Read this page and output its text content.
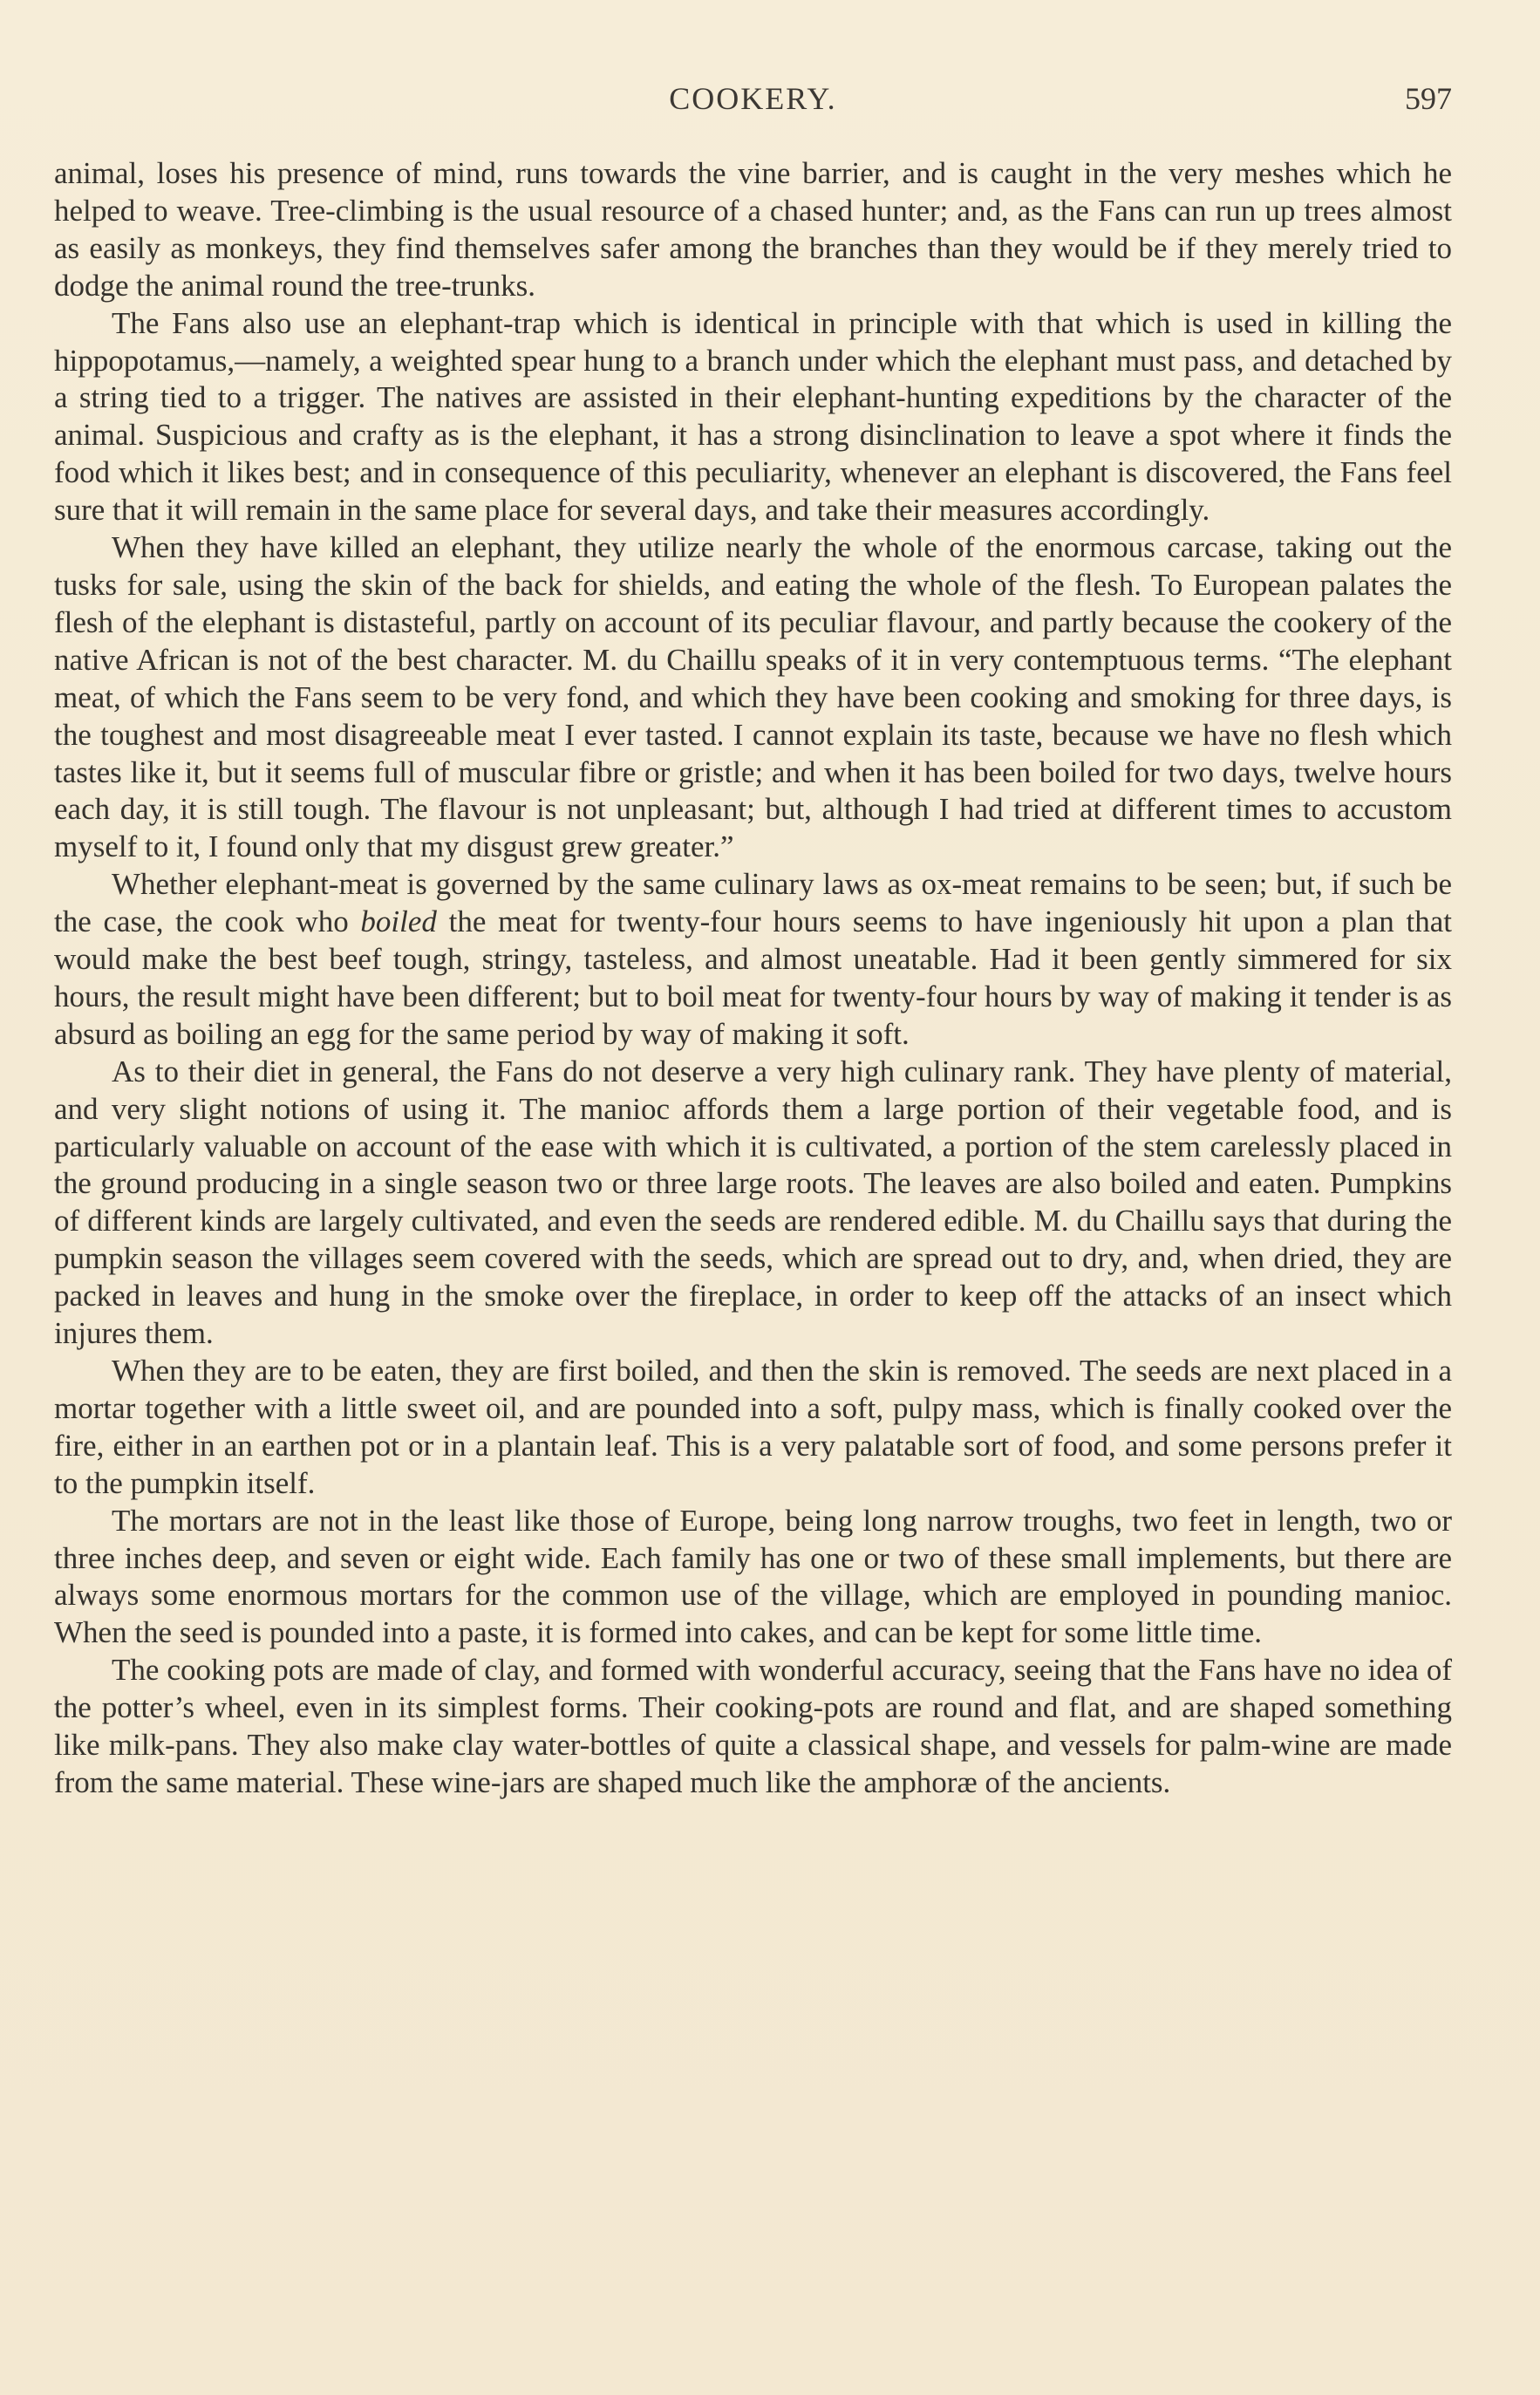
COOKERY.	597

animal, loses his presence of mind, runs towards the vine barrier, and is caught in the very meshes which he helped to weave. Tree-climbing is the usual resource of a chased hunter; and, as the Fans can run up trees almost as easily as monkeys, they find themselves safer among the branches than they would be if they merely tried to dodge the animal round the tree-trunks.

The Fans also use an elephant-trap which is identical in principle with that which is used in killing the hippopotamus,—namely, a weighted spear hung to a branch under which the elephant must pass, and detached by a string tied to a trigger. The natives are assisted in their elephant-hunting expeditions by the character of the animal. Suspicious and crafty as is the elephant, it has a strong disinclination to leave a spot where it finds the food which it likes best; and in consequence of this peculiarity, whenever an elephant is discovered, the Fans feel sure that it will remain in the same place for several days, and take their measures accordingly.

When they have killed an elephant, they utilize nearly the whole of the enormous carcase, taking out the tusks for sale, using the skin of the back for shields, and eating the whole of the flesh. To European palates the flesh of the elephant is distasteful, partly on account of its peculiar flavour, and partly because the cookery of the native African is not of the best character. M. du Chaillu speaks of it in very contemptuous terms. “The elephant meat, of which the Fans seem to be very fond, and which they have been cooking and smoking for three days, is the toughest and most disagreeable meat I ever tasted. I cannot explain its taste, because we have no flesh which tastes like it, but it seems full of muscular fibre or gristle; and when it has been boiled for two days, twelve hours each day, it is still tough. The flavour is not unpleasant; but, although I had tried at different times to accustom myself to it, I found only that my disgust grew greater.”

Whether elephant-meat is governed by the same culinary laws as ox-meat remains to be seen; but, if such be the case, the cook who boiled the meat for twenty-four hours seems to have ingeniously hit upon a plan that would make the best beef tough, stringy, tasteless, and almost uneatable. Had it been gently simmered for six hours, the result might have been different; but to boil meat for twenty-four hours by way of making it tender is as absurd as boiling an egg for the same period by way of making it soft.

As to their diet in general, the Fans do not deserve a very high culinary rank. They have plenty of material, and very slight notions of using it. The manioc affords them a large portion of their vegetable food, and is particularly valuable on account of the ease with which it is cultivated, a portion of the stem carelessly placed in the ground producing in a single season two or three large roots. The leaves are also boiled and eaten. Pumpkins of different kinds are largely cultivated, and even the seeds are rendered edible. M. du Chaillu says that during the pumpkin season the villages seem covered with the seeds, which are spread out to dry, and, when dried, they are packed in leaves and hung in the smoke over the fireplace, in order to keep off the attacks of an insect which injures them.

When they are to be eaten, they are first boiled, and then the skin is removed. The seeds are next placed in a mortar together with a little sweet oil, and are pounded into a soft, pulpy mass, which is finally cooked over the fire, either in an earthen pot or in a plantain leaf. This is a very palatable sort of food, and some persons prefer it to the pumpkin itself.

The mortars are not in the least like those of Europe, being long narrow troughs, two feet in length, two or three inches deep, and seven or eight wide. Each family has one or two of these small implements, but there are always some enormous mortars for the common use of the village, which are employed in pounding manioc. When the seed is pounded into a paste, it is formed into cakes, and can be kept for some little time.

The cooking pots are made of clay, and formed with wonderful accuracy, seeing that the Fans have no idea of the potter’s wheel, even in its simplest forms. Their cooking-pots are round and flat, and are shaped something like milk-pans. They also make clay water-bottles of quite a classical shape, and vessels for palm-wine are made from the same material. These wine-jars are shaped much like the amphoræ of the ancients.
